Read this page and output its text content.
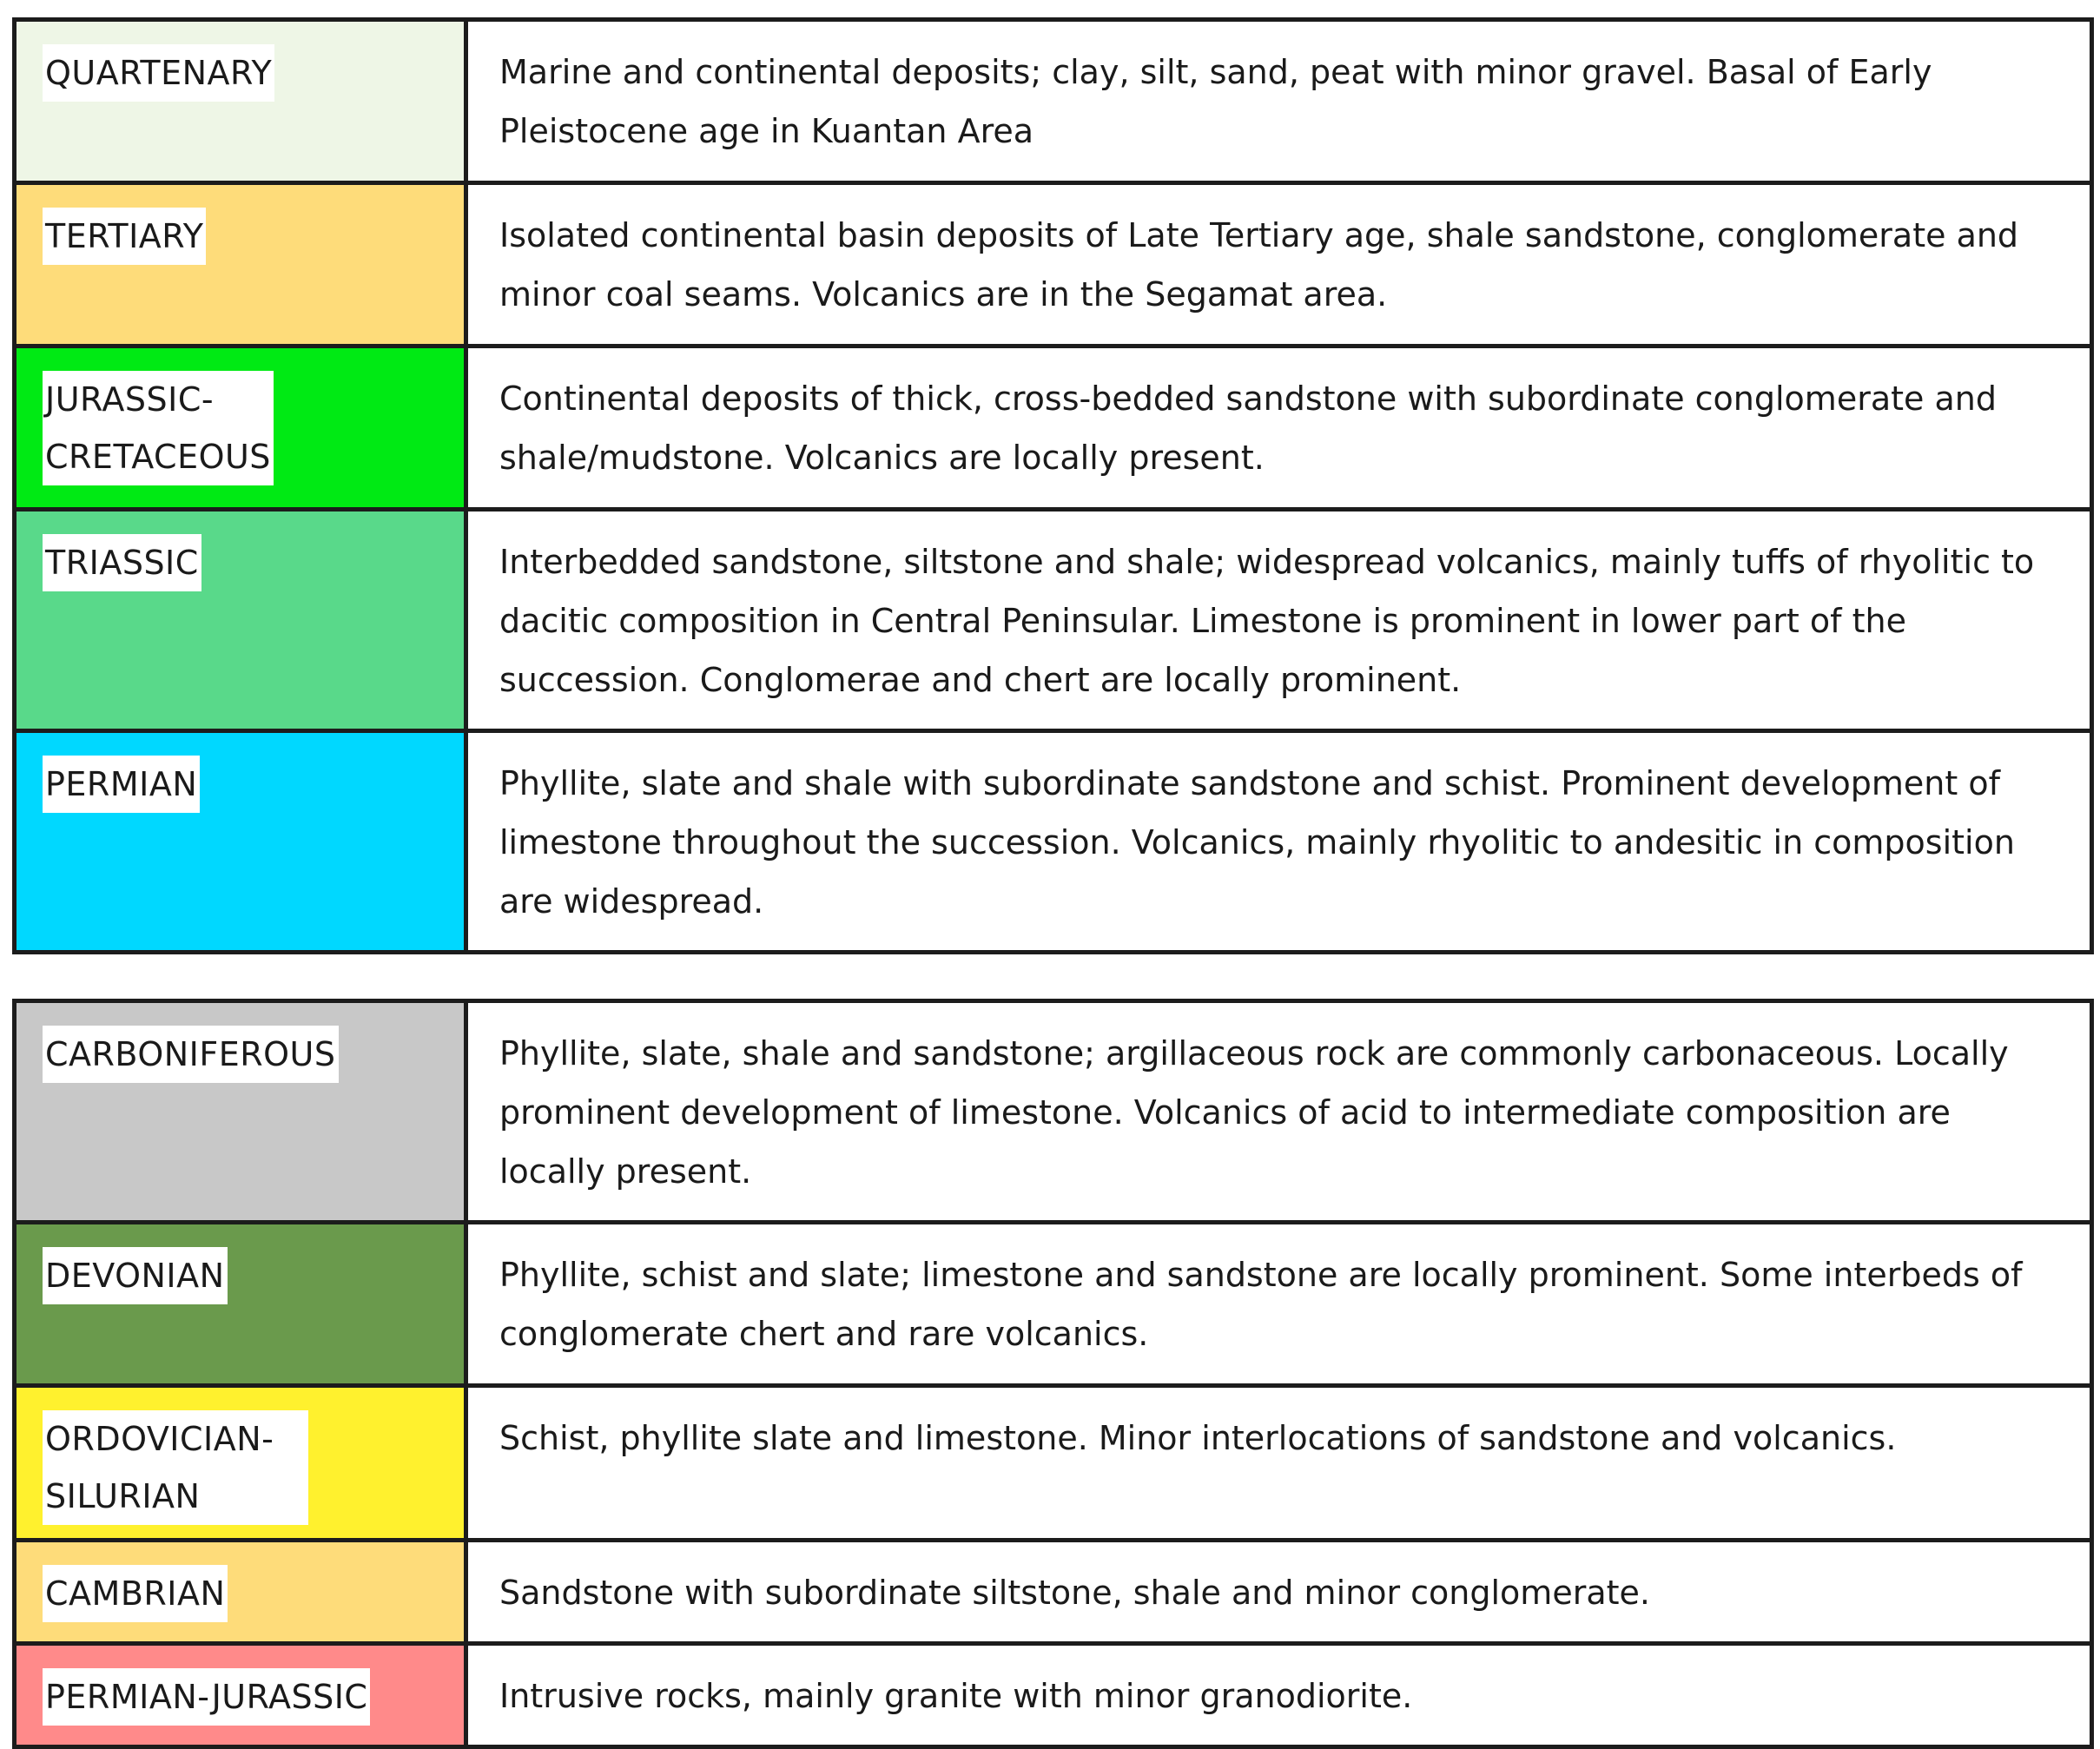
QUARTENARY	Marine and continental deposits; clay, silt, sand, peat with minor gravel. Basal of Early Pleistocene age in Kuantan Area
TERTIARY	Isolated continental basin deposits of Late Tertiary age, shale sandstone, conglomerate and minor coal seams. Volcanics are in the Segamat area.
JURASSIC-CRETACEOUS	Continental deposits of thick, cross-bedded sandstone with subordinate conglomerate and shale/mudstone. Volcanics are locally present.
TRIASSIC	Interbedded sandstone, siltstone and shale; widespread volcanics, mainly tuffs of rhyolitic to dacitic composition in Central Peninsular. Limestone is prominent in lower part of the succession. Conglomerae and chert are locally prominent.
PERMIAN	Phyllite, slate and shale with subordinate sandstone and schist. Prominent development of limestone throughout the succession. Volcanics, mainly rhyolitic to andesitic in composition are widespread.
CARBONIFEROUS	Phyllite, slate, shale and sandstone; argillaceous rock are commonly carbonaceous. Locally prominent development of limestone. Volcanics of acid to intermediate composition are locally present.
DEVONIAN	Phyllite, schist and slate; limestone and sandstone are locally prominent. Some interbeds of conglomerate chert and rare volcanics.
ORDOVICIAN-SILURIAN	Schist, phyllite slate and limestone. Minor interlocations of sandstone and volcanics.
CAMBRIAN	Sandstone with subordinate siltstone, shale and minor conglomerate.
PERMIAN-JURASSIC	Intrusive rocks, mainly granite with minor granodiorite.
